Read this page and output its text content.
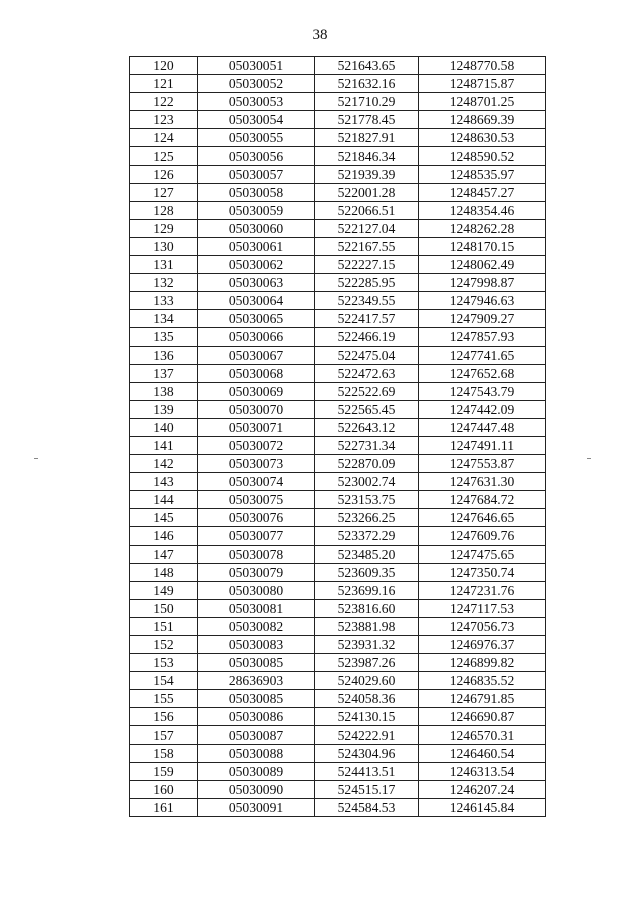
38
120	05030051	521643.65	1248770.58
121	05030052	521632.16	1248715.87
122	05030053	521710.29	1248701.25
123	05030054	521778.45	1248669.39
124	05030055	521827.91	1248630.53
125	05030056	521846.34	1248590.52
126	05030057	521939.39	1248535.97
127	05030058	522001.28	1248457.27
128	05030059	522066.51	1248354.46
129	05030060	522127.04	1248262.28
130	05030061	522167.55	1248170.15
131	05030062	522227.15	1248062.49
132	05030063	522285.95	1247998.87
133	05030064	522349.55	1247946.63
134	05030065	522417.57	1247909.27
135	05030066	522466.19	1247857.93
136	05030067	522475.04	1247741.65
137	05030068	522472.63	1247652.68
138	05030069	522522.69	1247543.79
139	05030070	522565.45	1247442.09
140	05030071	522643.12	1247447.48
141	05030072	522731.34	1247491.11
142	05030073	522870.09	1247553.87
143	05030074	523002.74	1247631.30
144	05030075	523153.75	1247684.72
145	05030076	523266.25	1247646.65
146	05030077	523372.29	1247609.76
147	05030078	523485.20	1247475.65
148	05030079	523609.35	1247350.74
149	05030080	523699.16	1247231.76
150	05030081	523816.60	1247117.53
151	05030082	523881.98	1247056.73
152	05030083	523931.32	1246976.37
153	05030085	523987.26	1246899.82
154	28636903	524029.60	1246835.52
155	05030085	524058.36	1246791.85
156	05030086	524130.15	1246690.87
157	05030087	524222.91	1246570.31
158	05030088	524304.96	1246460.54
159	05030089	524413.51	1246313.54
160	05030090	524515.17	1246207.24
161	05030091	524584.53	1246145.84
